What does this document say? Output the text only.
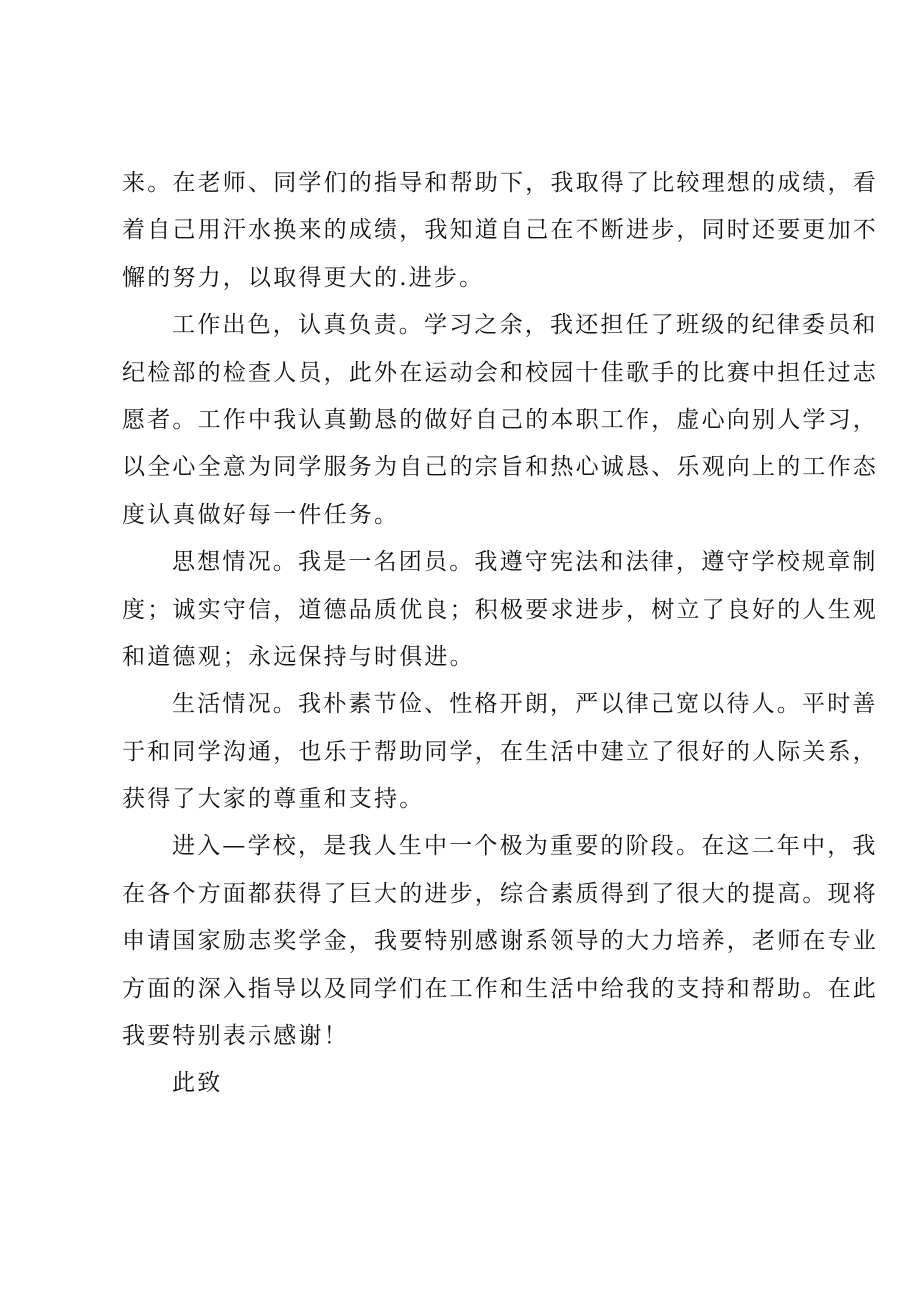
来。在老师、同学们的指导和帮助下，我取得了比较理想的成绩，看
着自己用汗水换来的成绩，我知道自己在不断进步，同时还要更加不
懈的努力，以取得更大的.进步。

工作出色，认真负责。学习之余，我还担任了班级的纪律委员和
纪检部的检查人员，此外在运动会和校园十佳歌手的比赛中担任过志
愿者。工作中我认真勤恳的做好自己的本职工作，虚心向别人学习，
以全心全意为同学服务为自己的宗旨和热心诚恳、乐观向上的工作态
度认真做好每一件任务。

思想情况。我是一名团员。我遵守宪法和法律，遵守学校规章制
度；诚实守信，道德品质优良；积极要求进步，树立了良好的人生观
和道德观；永远保持与时俱进。

生活情况。我朴素节俭、性格开朗，严以律己宽以待人。平时善
于和同学沟通，也乐于帮助同学，在生活中建立了很好的人际关系，
获得了大家的尊重和支持。

进入—学校，是我人生中一个极为重要的阶段。在这二年中，我
在各个方面都获得了巨大的进步，综合素质得到了很大的提高。现将
申请国家励志奖学金，我要特别感谢系领导的大力培养，老师在专业
方面的深入指导以及同学们在工作和生活中给我的支持和帮助。在此
我要特别表示感谢！

此致
